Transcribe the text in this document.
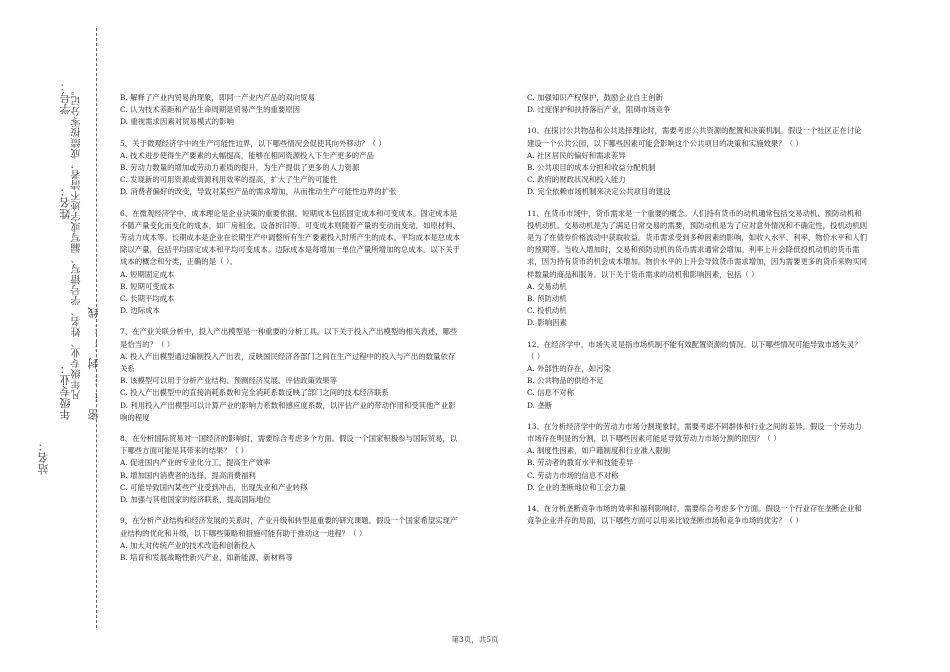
站名：
年级专业： 凡年级专业、姓名、学号错写、漏写或字迹不清者，成绩按零分记。
姓名：
学号：
密……封……线

B. 解释了产业内贸易的现象，即同一产业内产品的双向贸易

C. 认为技术差距和产品生命周期是贸易产生的重要原因

D. 重视需求因素对贸易模式的影响

5、关于微观经济学中的生产可能性边界，以下哪些情况会促使其向外移动？（ ）

A. 技术进步使得生产要素的大幅提高，能够在相同资源投入下生产更多的产品

B. 劳动力数量的增加或劳动力素质的提升，为生产提供了更多的人力资源

C. 发现新的可用资源或资源利用效率的提高，扩大了生产的可能性

D. 消费者偏好的改变，导致对某些产品的需求增加，从而推动生产可能性边界的扩张

6、在微观经济学中，成本理论是企业决策的重要依据。短期成本包括固定成本和可变成本。固定成本是不随产量变化而变化的成本，如厂房租金、设备折旧等。可变成本则随着产量的变动而变动，如原材料、劳动力成本等。长期成本是企业在长期生产中调整所有生产要素投入时所产生的成本。平均成本是总成本除以产量，包括平均固定成本和平均可变成本。边际成本是每增加一单位产量所增加的总成本。以下关于成本的概念和分类，正确的是（ ）。

A. 短期固定成本

B. 短期可变成本

C. 长期平均成本

D. 边际成本

7、在产业关联分析中，投入产出模型是一种重要的分析工具。以下关于投入产出模型的相关表述，哪些是恰当的？（ ）

A. 投入产出模型通过编制投入产出表，反映国民经济各部门之间在生产过程中的投入与产出的数量依存关系

B. 该模型可以用于分析产业结构、预测经济发展、评估政策效果等

C. 投入产出模型中的直接消耗系数和完全消耗系数反映了部门之间的技术经济联系

D. 利用投入产出模型可以计算产业的影响力系数和感应度系数，以评估产业的带动作用和受其他产业影响的程度

8、在分析国际贸易对一国经济的影响时，需要综合考虑多个方面。假设一个国家积极参与国际贸易，以下哪些方面可能是其带来的结果？（ ）

A. 促进国内产业的专业化分工，提高生产效率

B. 增加国内消费者的选择，提高消费福利

C. 可能导致国内某些产业受到冲击，出现失业和产业转移

D. 加强与其他国家的经济联系，提高国际地位

9、在分析产业结构和经济发展的关系时，产业升级和转型是重要的研究课题。假设一个国家希望实现产业结构的优化和升级，以下哪些策略和措施可能有助于推动这一进程？（ ）

A. 加大对传统产业的技术改造和创新投入

B. 培育和发展战略性新兴产业，如新能源、新材料等

C. 加强知识产权保护，鼓励企业自主创新

D. 过度保护和扶持落后产业，阻碍市场竞争

10、在探讨公共物品和公共选择理论时，需要考虑公共资源的配置和决策机制。假设一个社区正在讨论建设一个公共公园，以下哪些因素可能会影响这个公共项目的决策和实施效果？（ ）

A. 社区居民的偏好和需求差异

B. 公共项目的成本分担和收益分配机制

C. 政府的财政状况和投入能力

D. 完全依赖市场机制来决定公共项目的建设

11、在货币市场中，货币需求是一个重要的概念。人们持有货币的动机通常包括交易动机、预防动机和投机动机。交易动机是为了满足日常交易的需要，预防动机是为了应对意外情况和不确定性，投机动机则是为了在债券价格波动中获取收益。货币需求受到多种因素的影响，如收入水平、利率、物价水平和人们的预期等。当收入增加时，交易和预防动机的货币需求通常会增加。利率上升会降低投机动机的货币需求，因为持有货币的机会成本增加。物价水平的上升会导致货币需求增加，因为需要更多的货币来购买同样数量的商品和服务。以下关于货币需求的动机和影响因素，包括（ ）

A. 交易动机

B. 预防动机

C. 投机动机

D. 影响因素

12、在经济学中，市场失灵是指市场机制不能有效配置资源的情况。以下哪些情况可能导致市场失灵？（ ）

A. 外部性的存在，如污染

B. 公共物品的供给不足

C. 信息不对称

D. 垄断

13、在分析经济学中的劳动力市场分割现象时，需要考虑不同群体和行业之间的差异。假设一个劳动力市场存在明显的分割，以下哪些因素可能是导致劳动力市场分割的原因？（ ）

A. 制度性因素，如户籍制度和行业准入限制

B. 劳动者的教育水平和技能差异

C. 劳动力市场的信息不对称

D. 企业的垄断地位和工会力量

14、在分析垄断竞争市场的效率和福利影响时，需要综合考虑多个方面。假设一个行业存在垄断企业和竞争企业并存的局面，以下哪些方面可以用来比较垄断市场和竞争市场的优劣？（ ）

第3页，共5页
